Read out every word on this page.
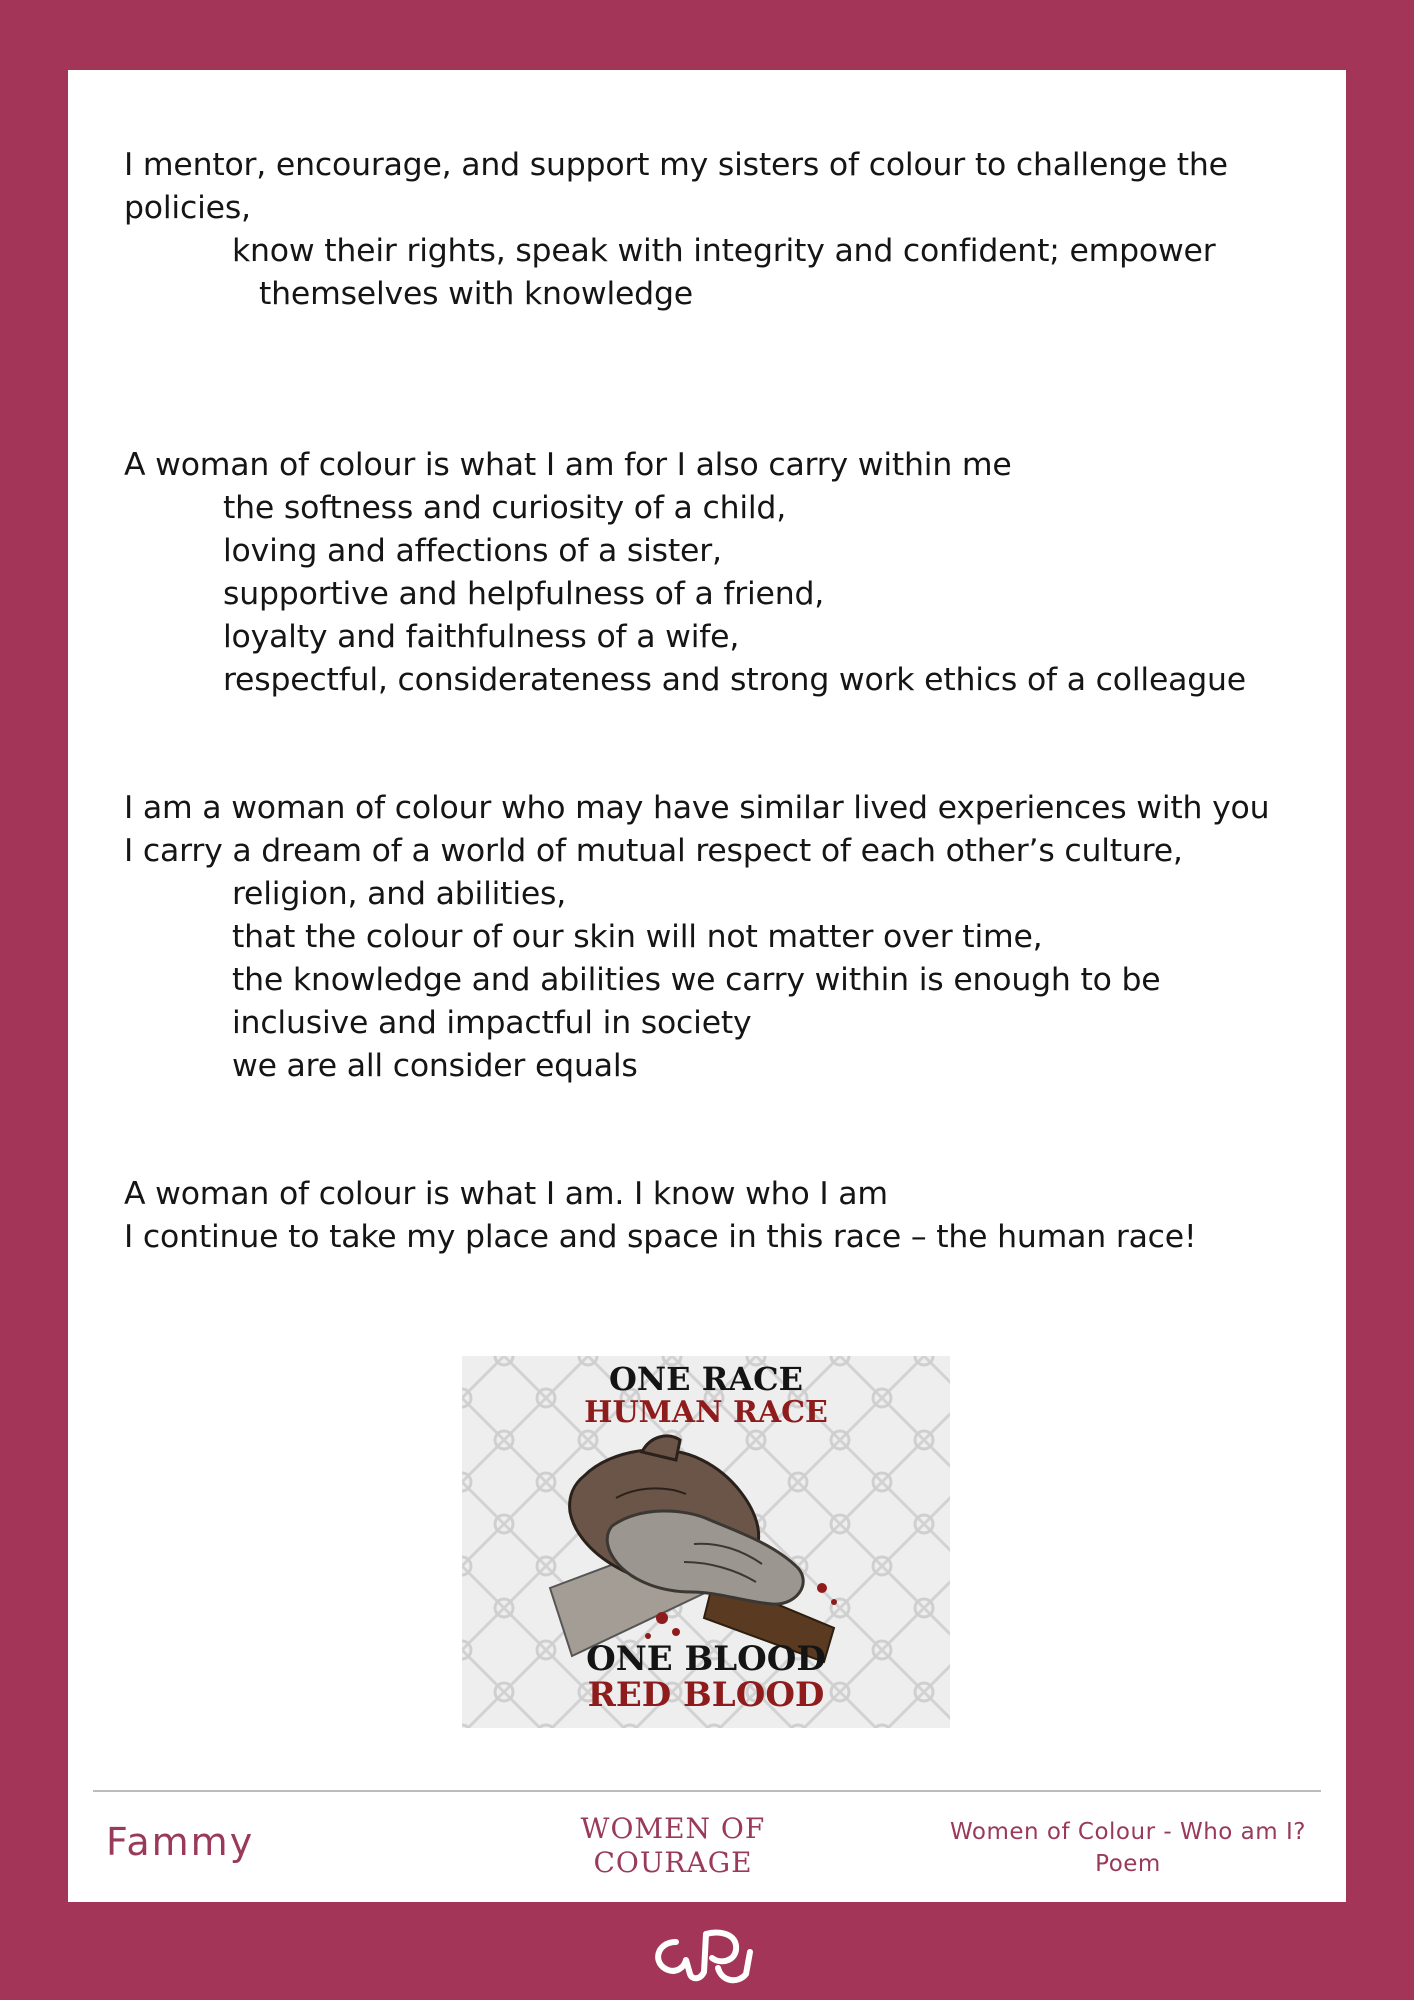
I mentor, encourage, and support my sisters of colour to challenge the
policies,
know their rights, speak with integrity and confident; empower
themselves with knowledge
A woman of colour is what I am for I also carry within me
the softness and curiosity of a child,
loving and affections of a sister,
supportive and helpfulness of a friend,
loyalty and faithfulness of a wife,
respectful, considerateness and strong work ethics of a colleague
I am a woman of colour who may have similar lived experiences with you
I carry a dream of a world of mutual respect of each other’s culture,
religion, and abilities,
that the colour of our skin will not matter over time,
the knowledge and abilities we carry within is enough to be
inclusive and impactful in society
we are all consider equals
A woman of colour is what I am. I know who I am
I continue to take my place and space in this race – the human race!
ONE RACE
HUMAN RACE
ONE BLOOD
RED BLOOD
Fammy	WOMEN OF
COURAGE
Women of Colour - Who am I?
Poem
